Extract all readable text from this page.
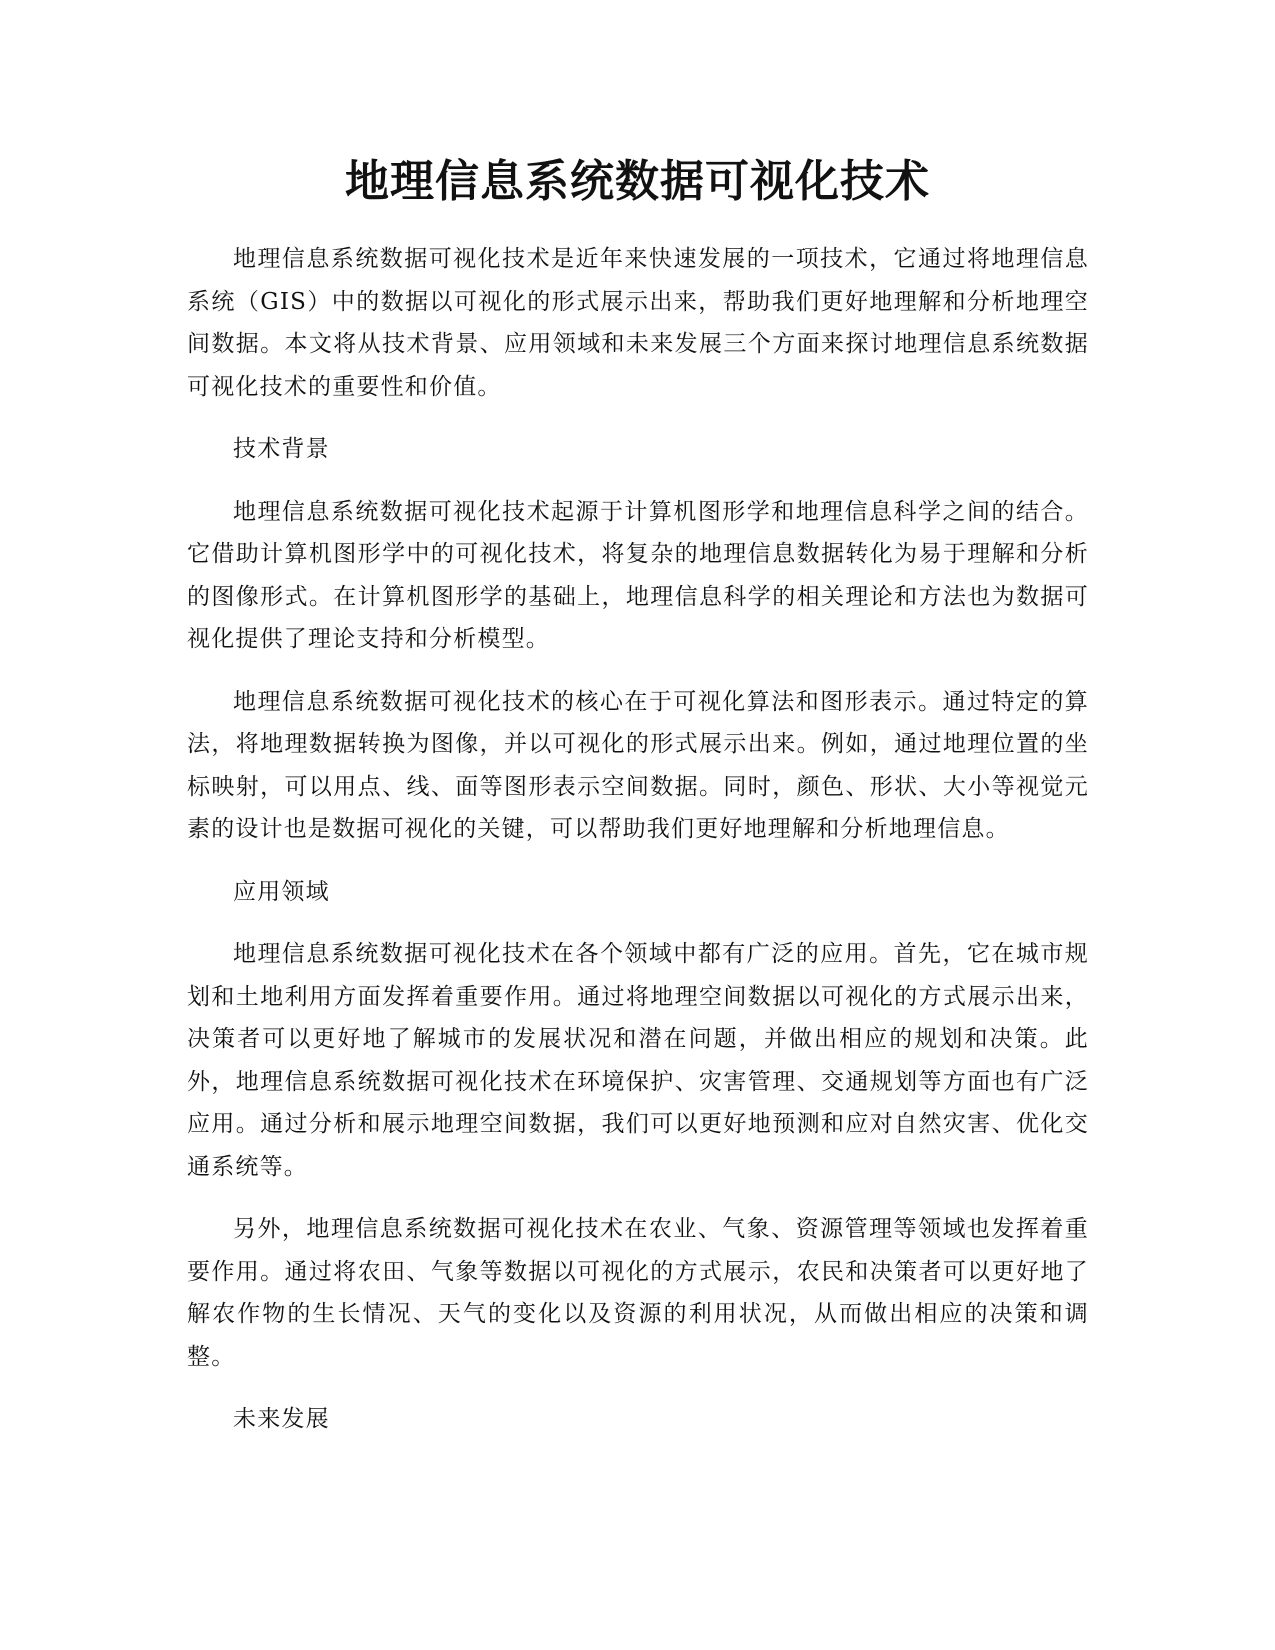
地理信息系统数据可视化技术

地理信息系统数据可视化技术是近年来快速发展的一项技术，它通过将地理信息系统（GIS）中的数据以可视化的形式展示出来，帮助我们更好地理解和分析地理空间数据。本文将从技术背景、应用领域和未来发展三个方面来探讨地理信息系统数据可视化技术的重要性和价值。

技术背景

地理信息系统数据可视化技术起源于计算机图形学和地理信息科学之间的结合。它借助计算机图形学中的可视化技术，将复杂的地理信息数据转化为易于理解和分析的图像形式。在计算机图形学的基础上，地理信息科学的相关理论和方法也为数据可视化提供了理论支持和分析模型。

地理信息系统数据可视化技术的核心在于可视化算法和图形表示。通过特定的算法，将地理数据转换为图像，并以可视化的形式展示出来。例如，通过地理位置的坐标映射，可以用点、线、面等图形表示空间数据。同时，颜色、形状、大小等视觉元素的设计也是数据可视化的关键，可以帮助我们更好地理解和分析地理信息。

应用领域

地理信息系统数据可视化技术在各个领域中都有广泛的应用。首先，它在城市规划和土地利用方面发挥着重要作用。通过将地理空间数据以可视化的方式展示出来，决策者可以更好地了解城市的发展状况和潜在问题，并做出相应的规划和决策。此外，地理信息系统数据可视化技术在环境保护、灾害管理、交通规划等方面也有广泛应用。通过分析和展示地理空间数据，我们可以更好地预测和应对自然灾害、优化交通系统等。

另外，地理信息系统数据可视化技术在农业、气象、资源管理等领域也发挥着重要作用。通过将农田、气象等数据以可视化的方式展示，农民和决策者可以更好地了解农作物的生长情况、天气的变化以及资源的利用状况，从而做出相应的决策和调整。

未来发展
